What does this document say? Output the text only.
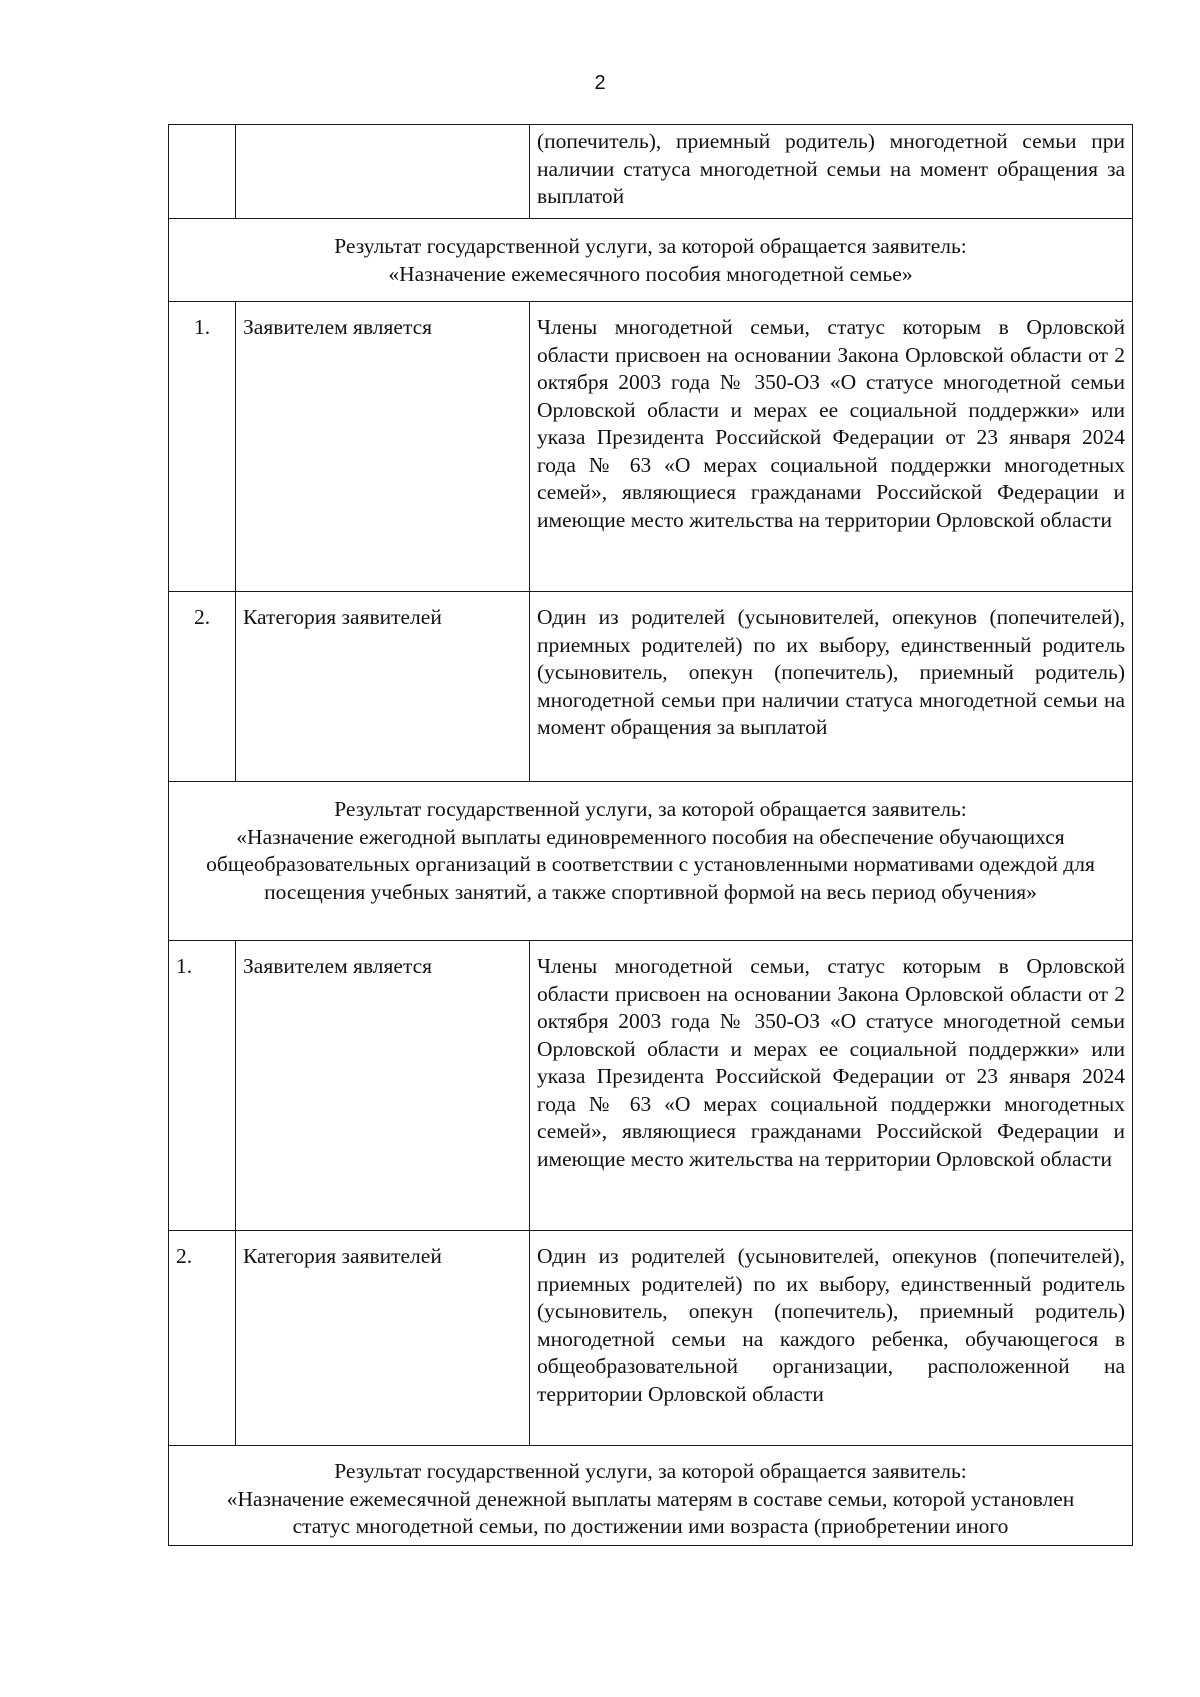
2
		(попечитель), приемный родитель) многодетной семьи при наличии статуса многодетной семьи на момент обращения за выплатой

Результат государственной услуги, за которой обращается заявитель:
«Назначение ежемесячного пособия многодетной семье»		

1.	Заявителем является	Члены многодетной семьи, статус которым в Орловской области присвоен на основании Закона Орловской области от 2 октября 2003 года № 350-ОЗ «О статусе многодетной семьи Орловской области и мерах ее социальной поддержки» или указа Президента Российской Федерации от 23 января 2024 года № 63 «О мерах социальной поддержки многодетных семей», являющиеся гражданами Российской Федерации и имеющие место жительства на территории Орловской области
2.	Категория заявителей	Один из родителей (усыновителей, опекунов (попечителей), приемных родителей) по их выбору, единственный родитель (усыновитель, опекун (попечитель), приемный родитель) многодетной семьи при наличии статуса многодетной семьи на момент обращения за выплатой

Результат государственной услуги, за которой обращается заявитель:
«Назначение ежегодной выплаты единовременного пособия на обеспечение обучающихся общеобразовательных организаций в соответствии с установленными нормативами одеждой для посещения учебных занятий, а также спортивной формой на весь период обучения»		

1.	Заявителем является	Члены многодетной семьи, статус которым в Орловской области присвоен на основании Закона Орловской области от 2 октября 2003 года № 350-ОЗ «О статусе многодетной семьи Орловской области и мерах ее социальной поддержки» или указа Президента Российской Федерации от 23 января 2024 года № 63 «О мерах социальной поддержки многодетных семей», являющиеся гражданами Российской Федерации и имеющие место жительства на территории Орловской области
2.	Категория заявителей	Один из родителей (усыновителей, опекунов (попечителей), приемных родителей) по их выбору, единственный родитель (усыновитель, опекун (попечитель), приемный родитель) многодетной семьи на каждого ребенка, обучающегося в общеобразовательной организации, расположенной на территории Орловской области

Результат государственной услуги, за которой обращается заявитель:
«Назначение ежемесячной денежной выплаты матерям в составе семьи, которой установлен статус многодетной семьи, по достижении ими возраста (приобретении иного		
